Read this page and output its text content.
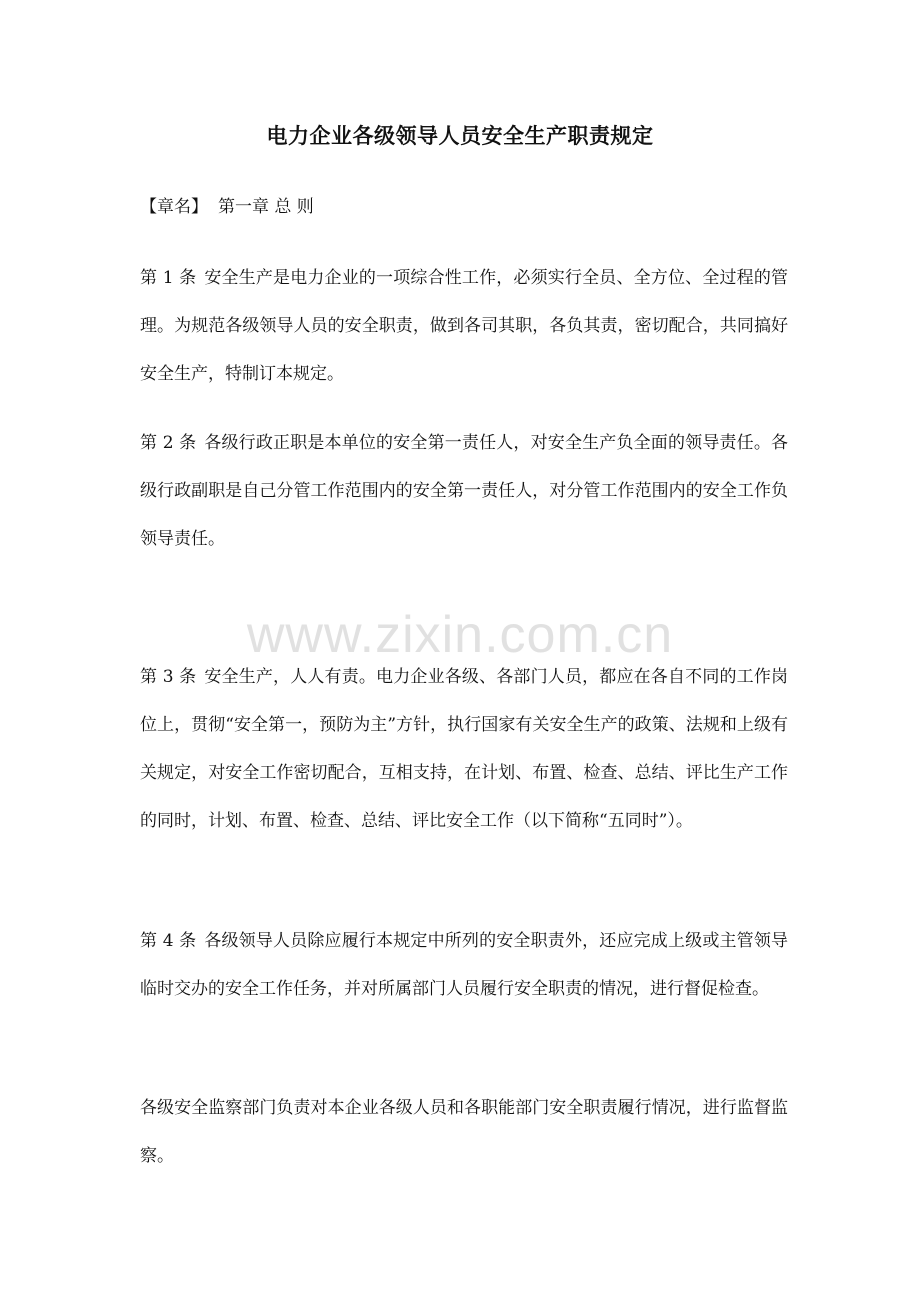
电力企业各级领导人员安全生产职责规定
【章名】 第一章 总 则

第 1 条 安全生产是电力企业的一项综合性工作，必须实行全员、全方位、全过程的管理。为规范各级领导人员的安全职责，做到各司其职，各负其责，密切配合，共同搞好安全生产，特制订本规定。

第 2 条 各级行政正职是本单位的安全第一责任人，对安全生产负全面的领导责任。各级行政副职是自己分管工作范围内的安全第一责任人，对分管工作范围内的安全工作负领导责任。

www.zixin.com.cn

第 3 条 安全生产，人人有责。电力企业各级、各部门人员，都应在各自不同的工作岗位上，贯彻“安全第一，预防为主”方针，执行国家有关安全生产的政策、法规和上级有关规定，对安全工作密切配合，互相支持，在计划、布置、检查、总结、评比生产工作的同时，计划、布置、检查、总结、评比安全工作（以下简称“五同时”）。

第 4 条 各级领导人员除应履行本规定中所列的安全职责外，还应完成上级或主管领导临时交办的安全工作任务，并对所属部门人员履行安全职责的情况，进行督促检查。

各级安全监察部门负责对本企业各级人员和各职能部门安全职责履行情况，进行监督监察。
